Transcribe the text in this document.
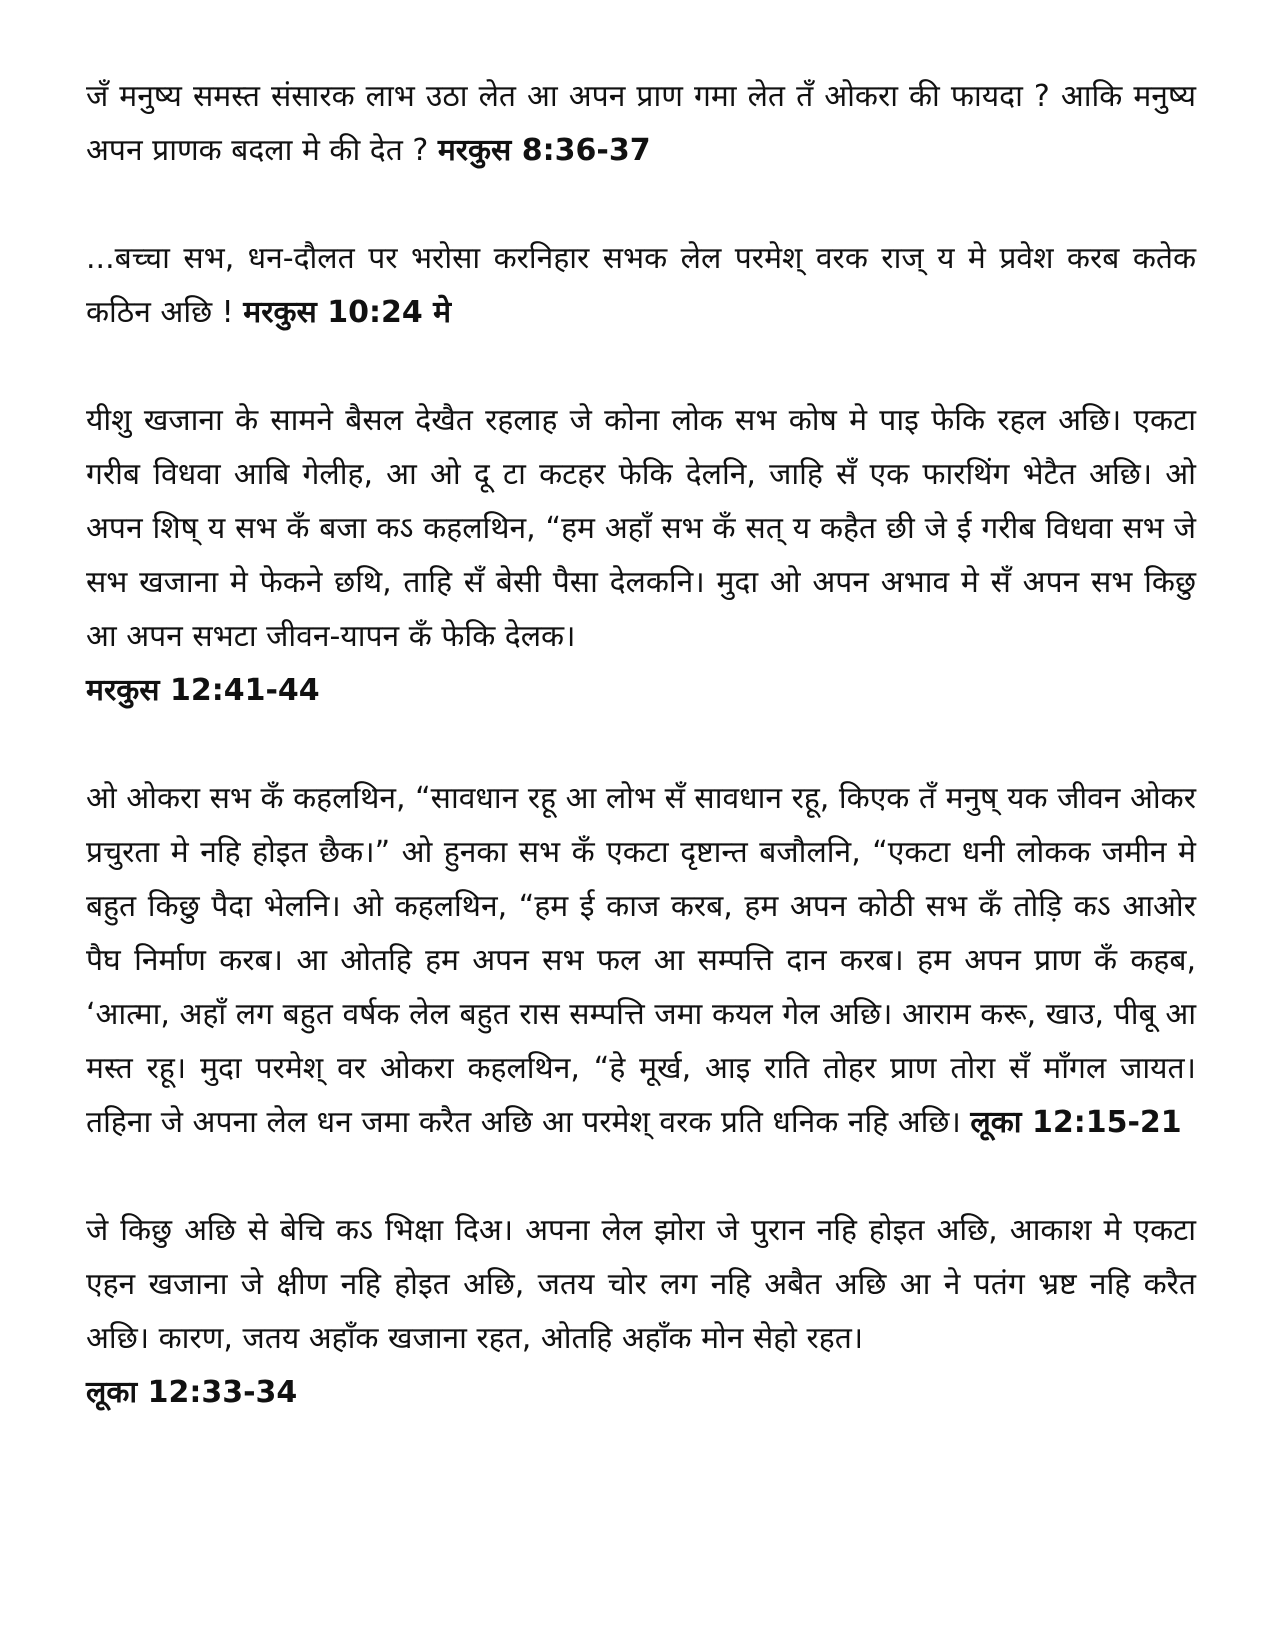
जँ मनुष्य समस्त संसारक लाभ उठा लेत आ अपन प्राण गमा लेत तँ ओकरा की फायदा ? आकि मनुष्य अपन प्राणक बदला मे की देत ? मरकुस 8:36-37

...बच्चा सभ, धन-दौलत पर भरोसा करनिहार सभक लेल परमेश् वरक राज् य मे प्रवेश करब कतेक कठिन अछि ! मरकुस 10:24 मे

यीशु खजाना के सामने बैसल देखैत रहलाह जे कोना लोक सभ कोष मे पाइ फेकि रहल अछि। एकटा गरीब विधवा आबि गेलीह, आ ओ दू टा कटहर फेकि देलनि, जाहि सँ एक फारथिंग भेटैत अछि। ओ अपन शिष् य सभ कँ बजा कऽ कहलथिन, “हम अहाँ सभ कँ सत् य कहैत छी जे ई गरीब विधवा सभ जे सभ खजाना मे फेकने छथि, ताहि सँ बेसी पैसा देलकनि। मुदा ओ अपन अभाव मे सँ अपन सभ किछु आ अपन सभटा जीवन-यापन कँ फेकि देलक।
मरकुस 12:41-44

ओ ओकरा सभ कँ कहलथिन, “सावधान रहू आ लोभ सँ सावधान रहू, किएक तँ मनुष् यक जीवन ओकर प्रचुरता मे नहि होइत छैक।” ओ हुनका सभ कँ एकटा दृष्टान्त बजौलनि, “एकटा धनी लोकक जमीन मे बहुत किछु पैदा भेलनि। ओ कहलथिन, “हम ई काज करब, हम अपन कोठी सभ कँ तोड़ि कऽ आओर पैघ निर्माण करब। आ ओतहि हम अपन सभ फल आ सम्पत्ति दान करब। हम अपन प्राण कँ कहब, ‘आत्मा, अहाँ लग बहुत वर्षक लेल बहुत रास सम्पत्ति जमा कयल गेल अछि। आराम करू, खाउ, पीबू आ मस्त रहू। मुदा परमेश् वर ओकरा कहलथिन, “हे मूर्ख, आइ राति तोहर प्राण तोरा सँ माँगल जायत। तहिना जे अपना लेल धन जमा करैत अछि आ परमेश् वरक प्रति धनिक नहि अछि। लूका 12:15-21

जे किछु अछि से बेचि कऽ भिक्षा दिअ। अपना लेल झोरा जे पुरान नहि होइत अछि, आकाश मे एकटा एहन खजाना जे क्षीण नहि होइत अछि, जतय चोर लग नहि अबैत अछि आ ने पतंग भ्रष्ट नहि करैत अछि। कारण, जतय अहाँक खजाना रहत, ओतहि अहाँक मोन सेहो रहत।
लूका 12:33-34
